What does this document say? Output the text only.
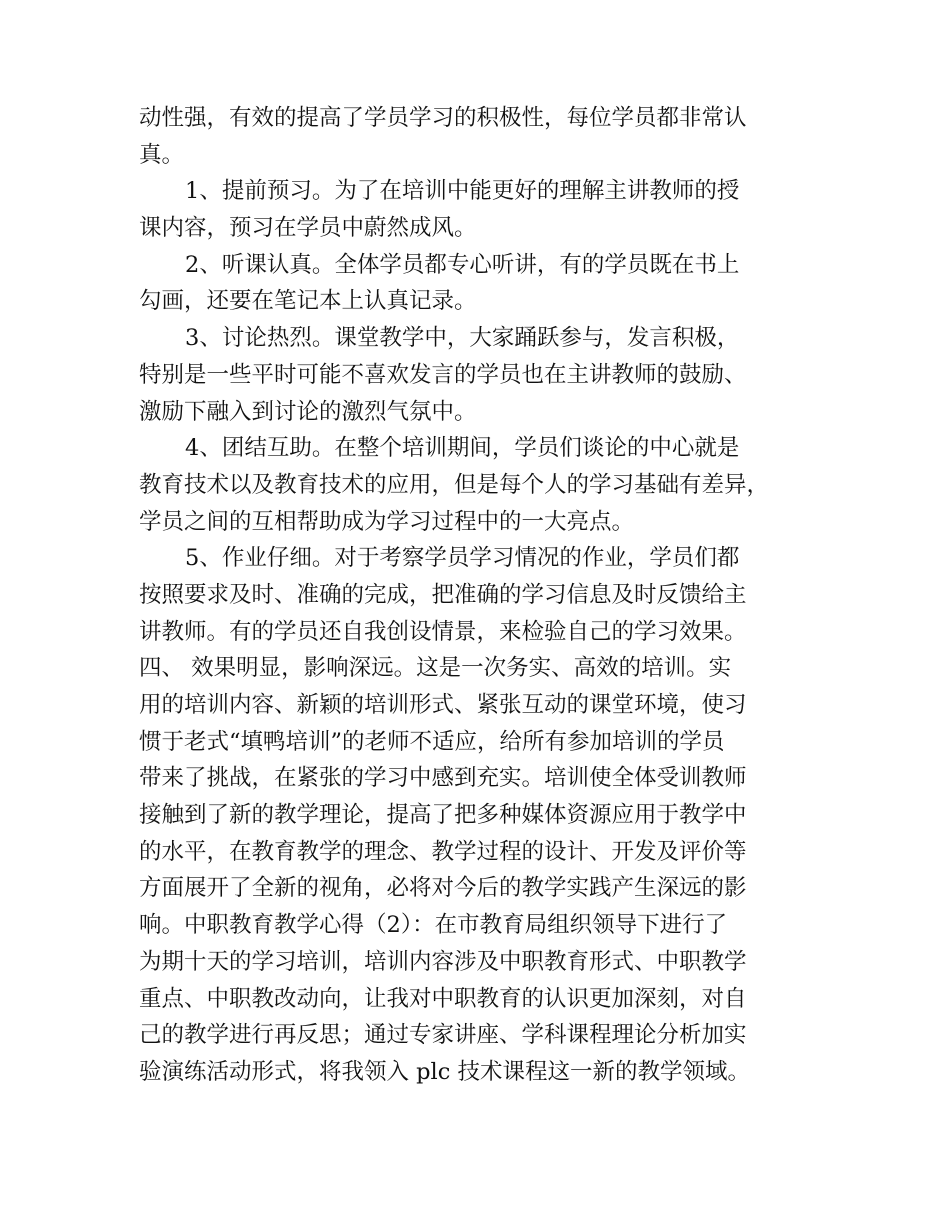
动性强，有效的提高了学员学习的积极性，每位学员都非常认
真。
1、提前预习。为了在培训中能更好的理解主讲教师的授
课内容，预习在学员中蔚然成风。
2、听课认真。全体学员都专心听讲，有的学员既在书上
勾画，还要在笔记本上认真记录。
3、讨论热烈。课堂教学中，大家踊跃参与，发言积极，
特别是一些平时可能不喜欢发言的学员也在主讲教师的鼓励、
激励下融入到讨论的激烈气氛中。
4、团结互助。在整个培训期间，学员们谈论的中心就是
教育技术以及教育技术的应用，但是每个人的学习基础有差异，
学员之间的互相帮助成为学习过程中的一大亮点。
5、作业仔细。对于考察学员学习情况的作业，学员们都
按照要求及时、准确的完成，把准确的学习信息及时反馈给主
讲教师。有的学员还自我创设情景，来检验自己的学习效果。
四、 效果明显，影响深远。这是一次务实、高效的培训。实
用的培训内容、新颖的培训形式、紧张互动的课堂环境，使习
惯于老式“填鸭培训”的老师不适应，给所有参加培训的学员
带来了挑战，在紧张的学习中感到充实。培训使全体受训教师
接触到了新的教学理论，提高了把多种媒体资源应用于教学中
的水平，在教育教学的理念、教学过程的设计、开发及评价等
方面展开了全新的视角，必将对今后的教学实践产生深远的影
响。中职教育教学心得（2）：在市教育局组织领导下进行了
为期十天的学习培训，培训内容涉及中职教育形式、中职教学
重点、中职教改动向，让我对中职教育的认识更加深刻，对自
己的教学进行再反思；通过专家讲座、学科课程理论分析加实
验演练活动形式，将我领入 plc 技术课程这一新的教学领域。
